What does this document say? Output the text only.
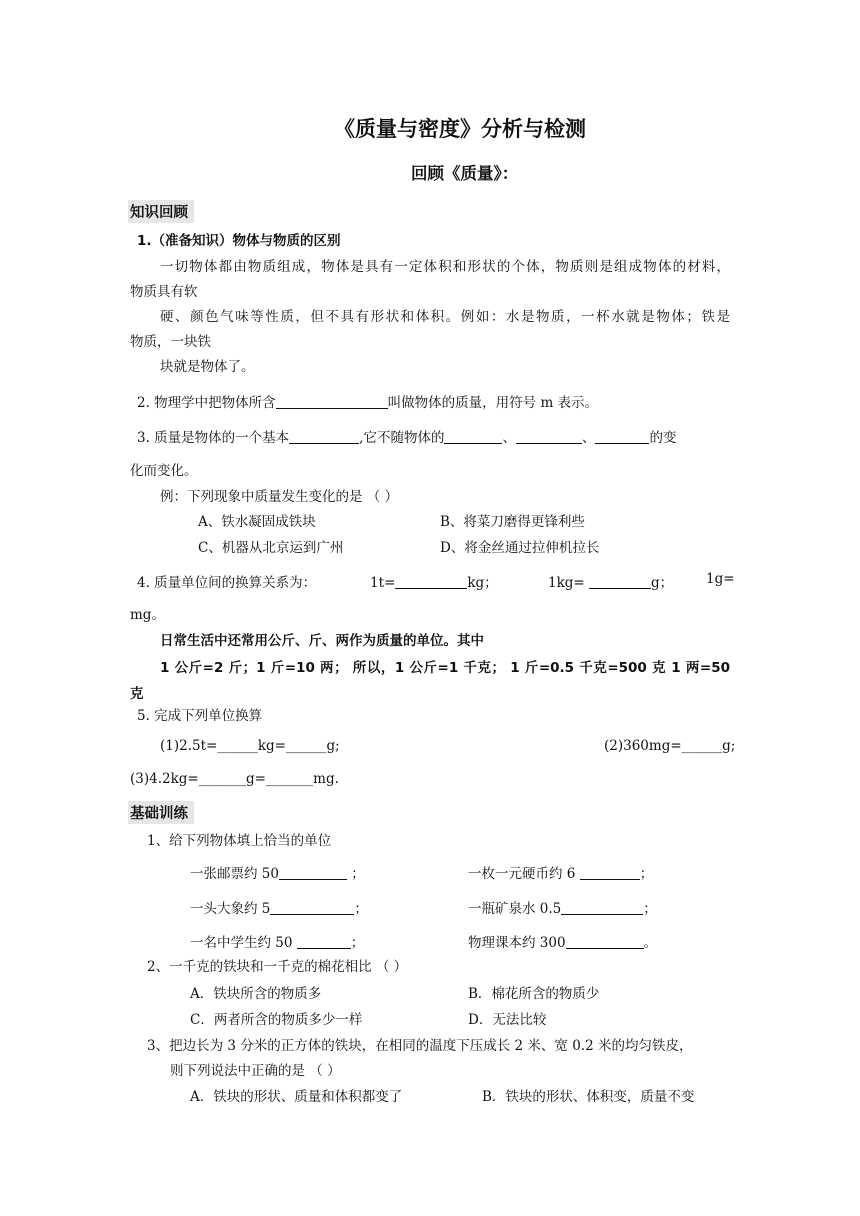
《质量与密度》分析与检测
回顾《质量》：
知识回顾
1.（准备知识）物体与物质的区别
一切物体都由物质组成，物体是具有一定体积和形状的个体，物质则是组成物体的材料，
物质具有软
硬、颜色气味等性质，但不具有形状和体积。例如：水是物质，一杯水就是物体；铁是
物质，一块铁
块就是物体了。
2. 物理学中把物体所含	叫做物体的质量，用符号 m 表示。
3. 质量是物体的一个基本	,它不随物体的	、	、	的变
化而变化。
例：下列现象中质量发生变化的是 （ ）
A、铁水凝固成铁块	B、将菜刀磨得更锋利些
C、机器从北京运到广州	D、将金丝通过拉伸机拉长
4. 质量单位间的换算关系为：	1t=	kg；	1kg=	g； 1g=
mg。
日常生活中还常用公斤、斤、两作为质量的单位。其中
1 公斤=2 斤；1 斤=10 两； 所以，1 公斤=1 千克； 1 斤=0.5 千克=500 克 1 两=50
克
5. 完成下列单位换算
(1)2.5t=______kg=______g;	(2)360mg=______g;
(3)4.2kg=_______g=_______mg.
基础训练
1、给下列物体填上恰当的单位
一张邮票约 50	；	一枚一元硬币约 6	；
一头大象约 5	；	一瓶矿泉水 0.5	；
一名中学生约 50	；	物理课本约 300	。
2、一千克的铁块和一千克的棉花相比 （ ）
A．铁块所含的物质多	B．棉花所含的物质少
C．两者所含的物质多少一样	D．无法比较
3、把边长为 3 分米的正方体的铁块，在相同的温度下压成长 2 米、宽 0.2 米的均匀铁皮，
则下列说法中正确的是 （ ）
A．铁块的形状、质量和体积都变了	B．铁块的形状、体积变，质量不变
